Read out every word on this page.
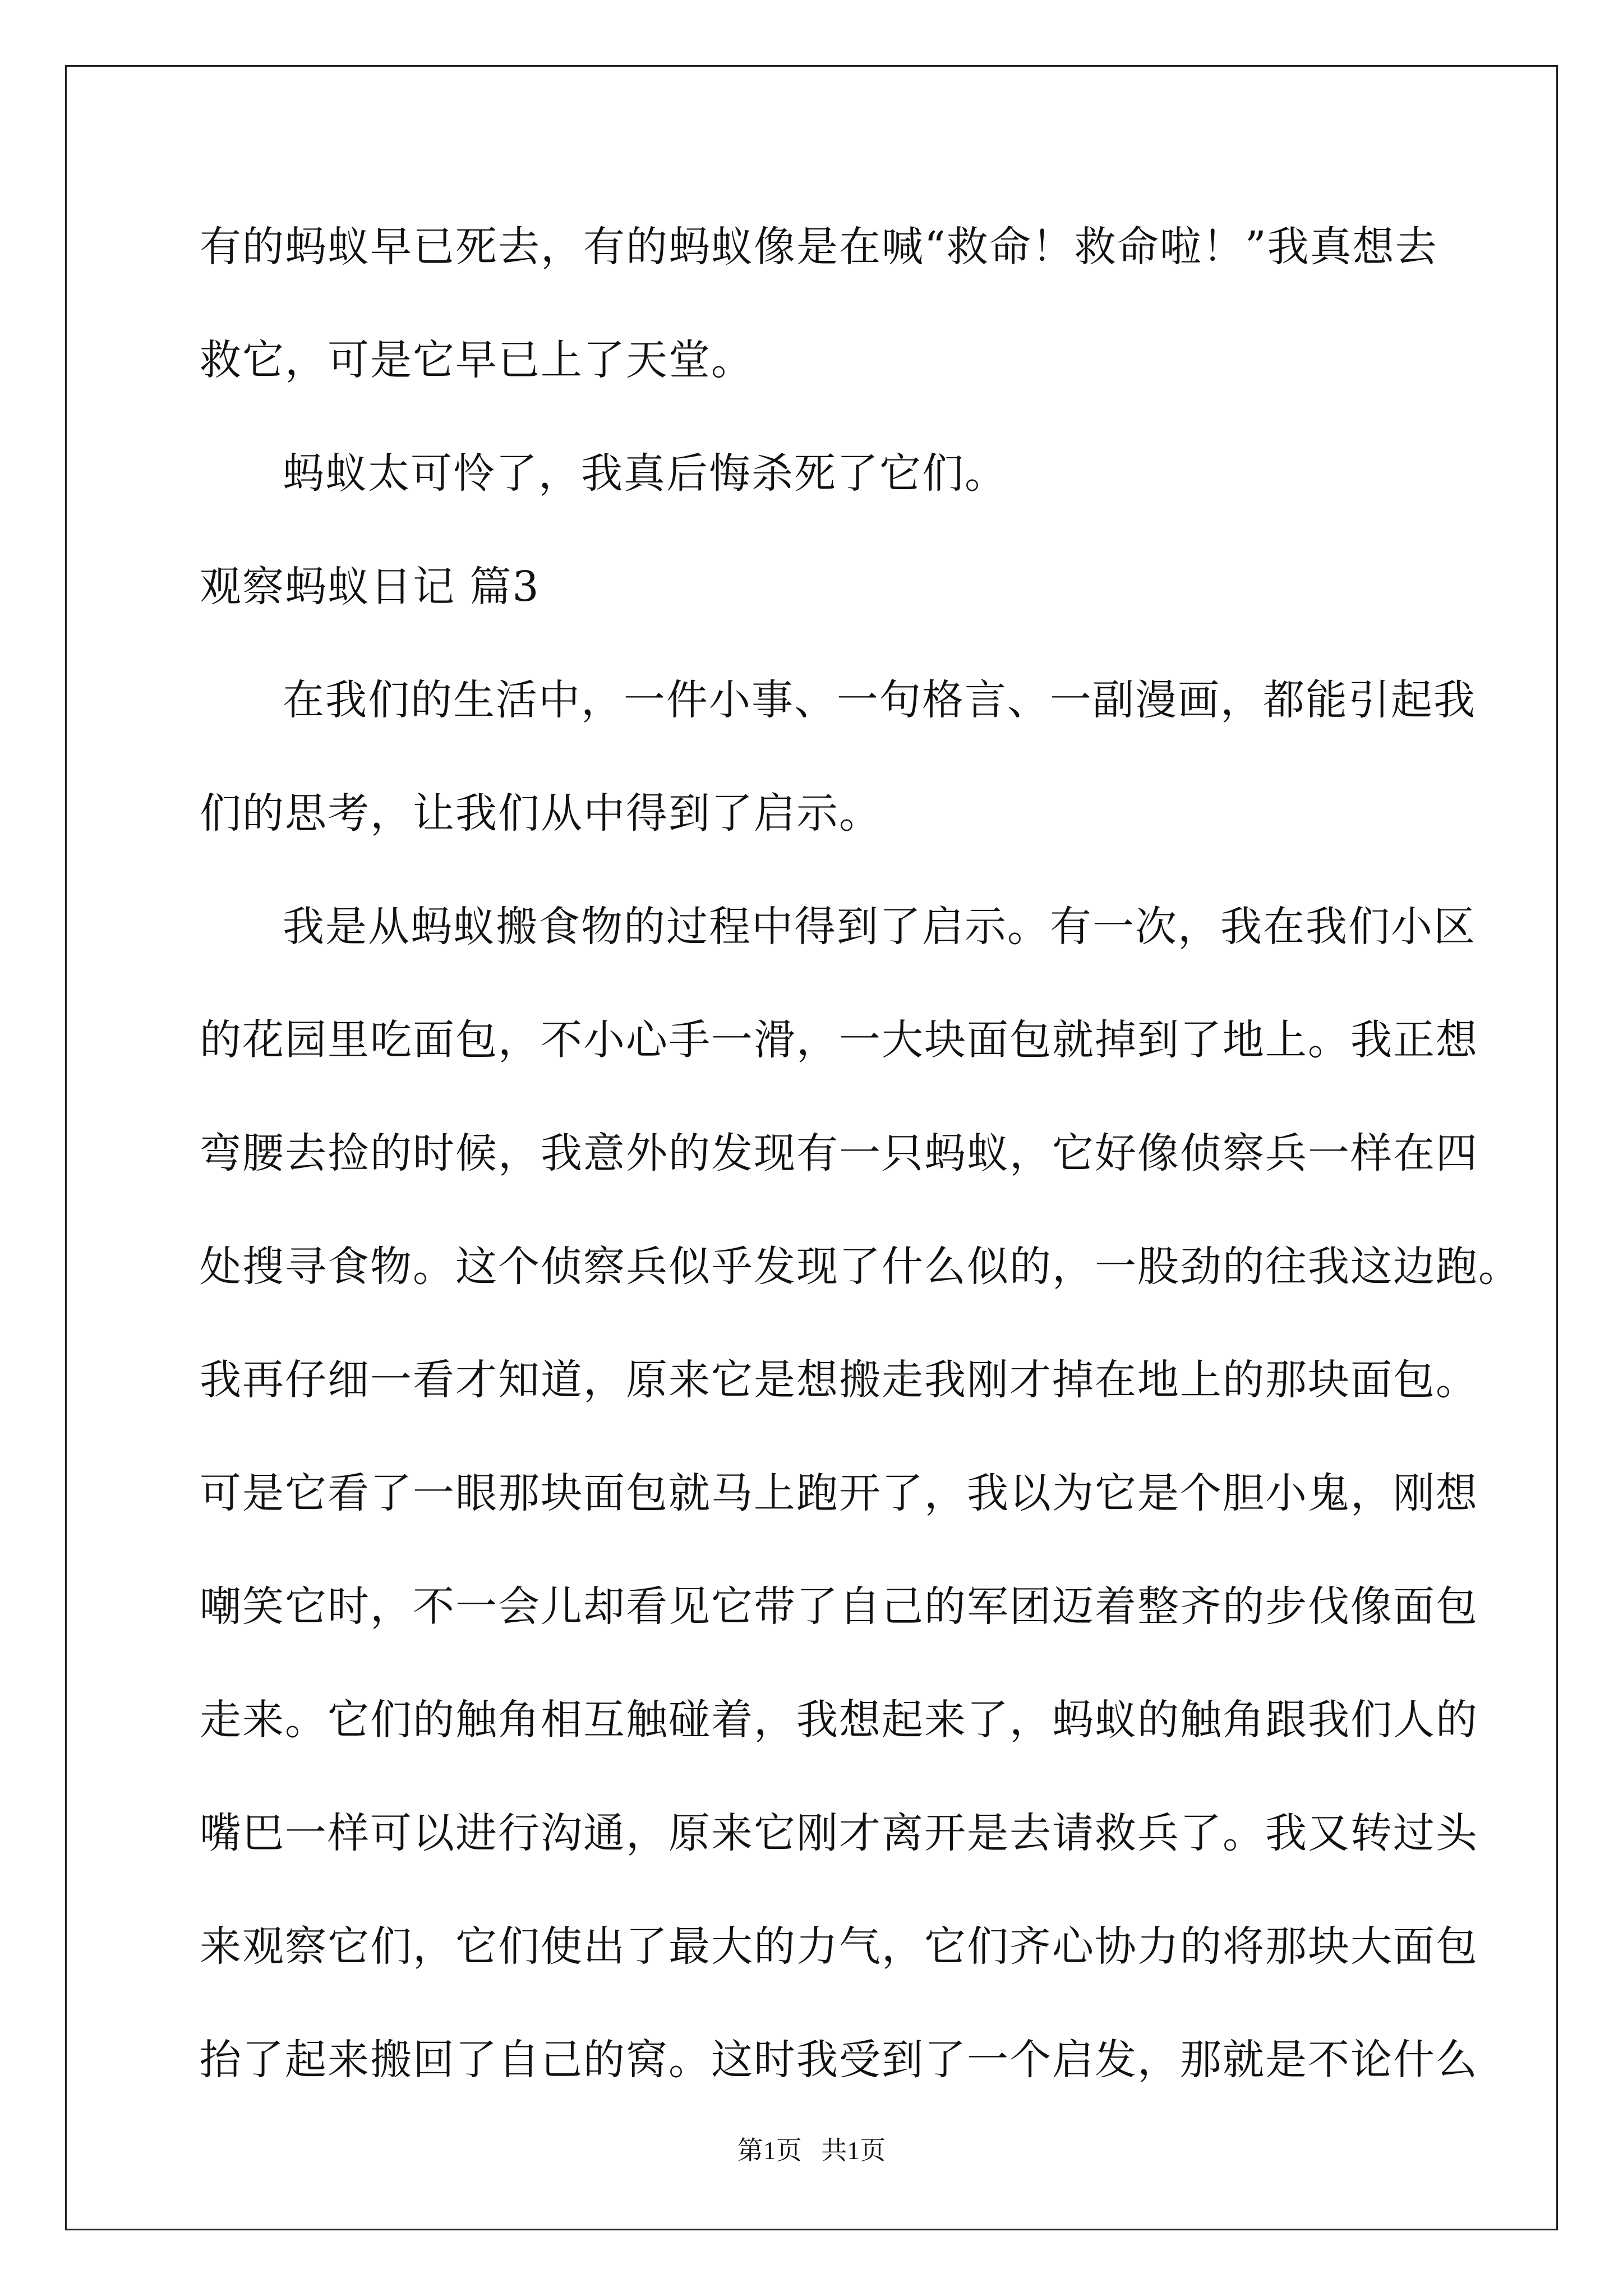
有的蚂蚁早已死去，有的蚂蚁像是在喊“救命！救命啦！”我真想去
救它，可是它早已上了天堂。
蚂蚁太可怜了，我真后悔杀死了它们。
观察蚂蚁日记 篇3
在我们的生活中，一件小事、一句格言、一副漫画，都能引起我
们的思考，让我们从中得到了启示。
我是从蚂蚁搬食物的过程中得到了启示。有一次，我在我们小区
的花园里吃面包，不小心手一滑，一大块面包就掉到了地上。我正想
弯腰去捡的时候，我意外的发现有一只蚂蚁，它好像侦察兵一样在四
处搜寻食物。这个侦察兵似乎发现了什么似的，一股劲的往我这边跑。
我再仔细一看才知道，原来它是想搬走我刚才掉在地上的那块面包。
可是它看了一眼那块面包就马上跑开了，我以为它是个胆小鬼，刚想
嘲笑它时，不一会儿却看见它带了自己的军团迈着整齐的步伐像面包
走来。它们的触角相互触碰着，我想起来了，蚂蚁的触角跟我们人的
嘴巴一样可以进行沟通，原来它刚才离开是去请救兵了。我又转过头
来观察它们，它们使出了最大的力气，它们齐心协力的将那块大面包
抬了起来搬回了自己的窝。这时我受到了一个启发，那就是不论什么
第1页   共1页
